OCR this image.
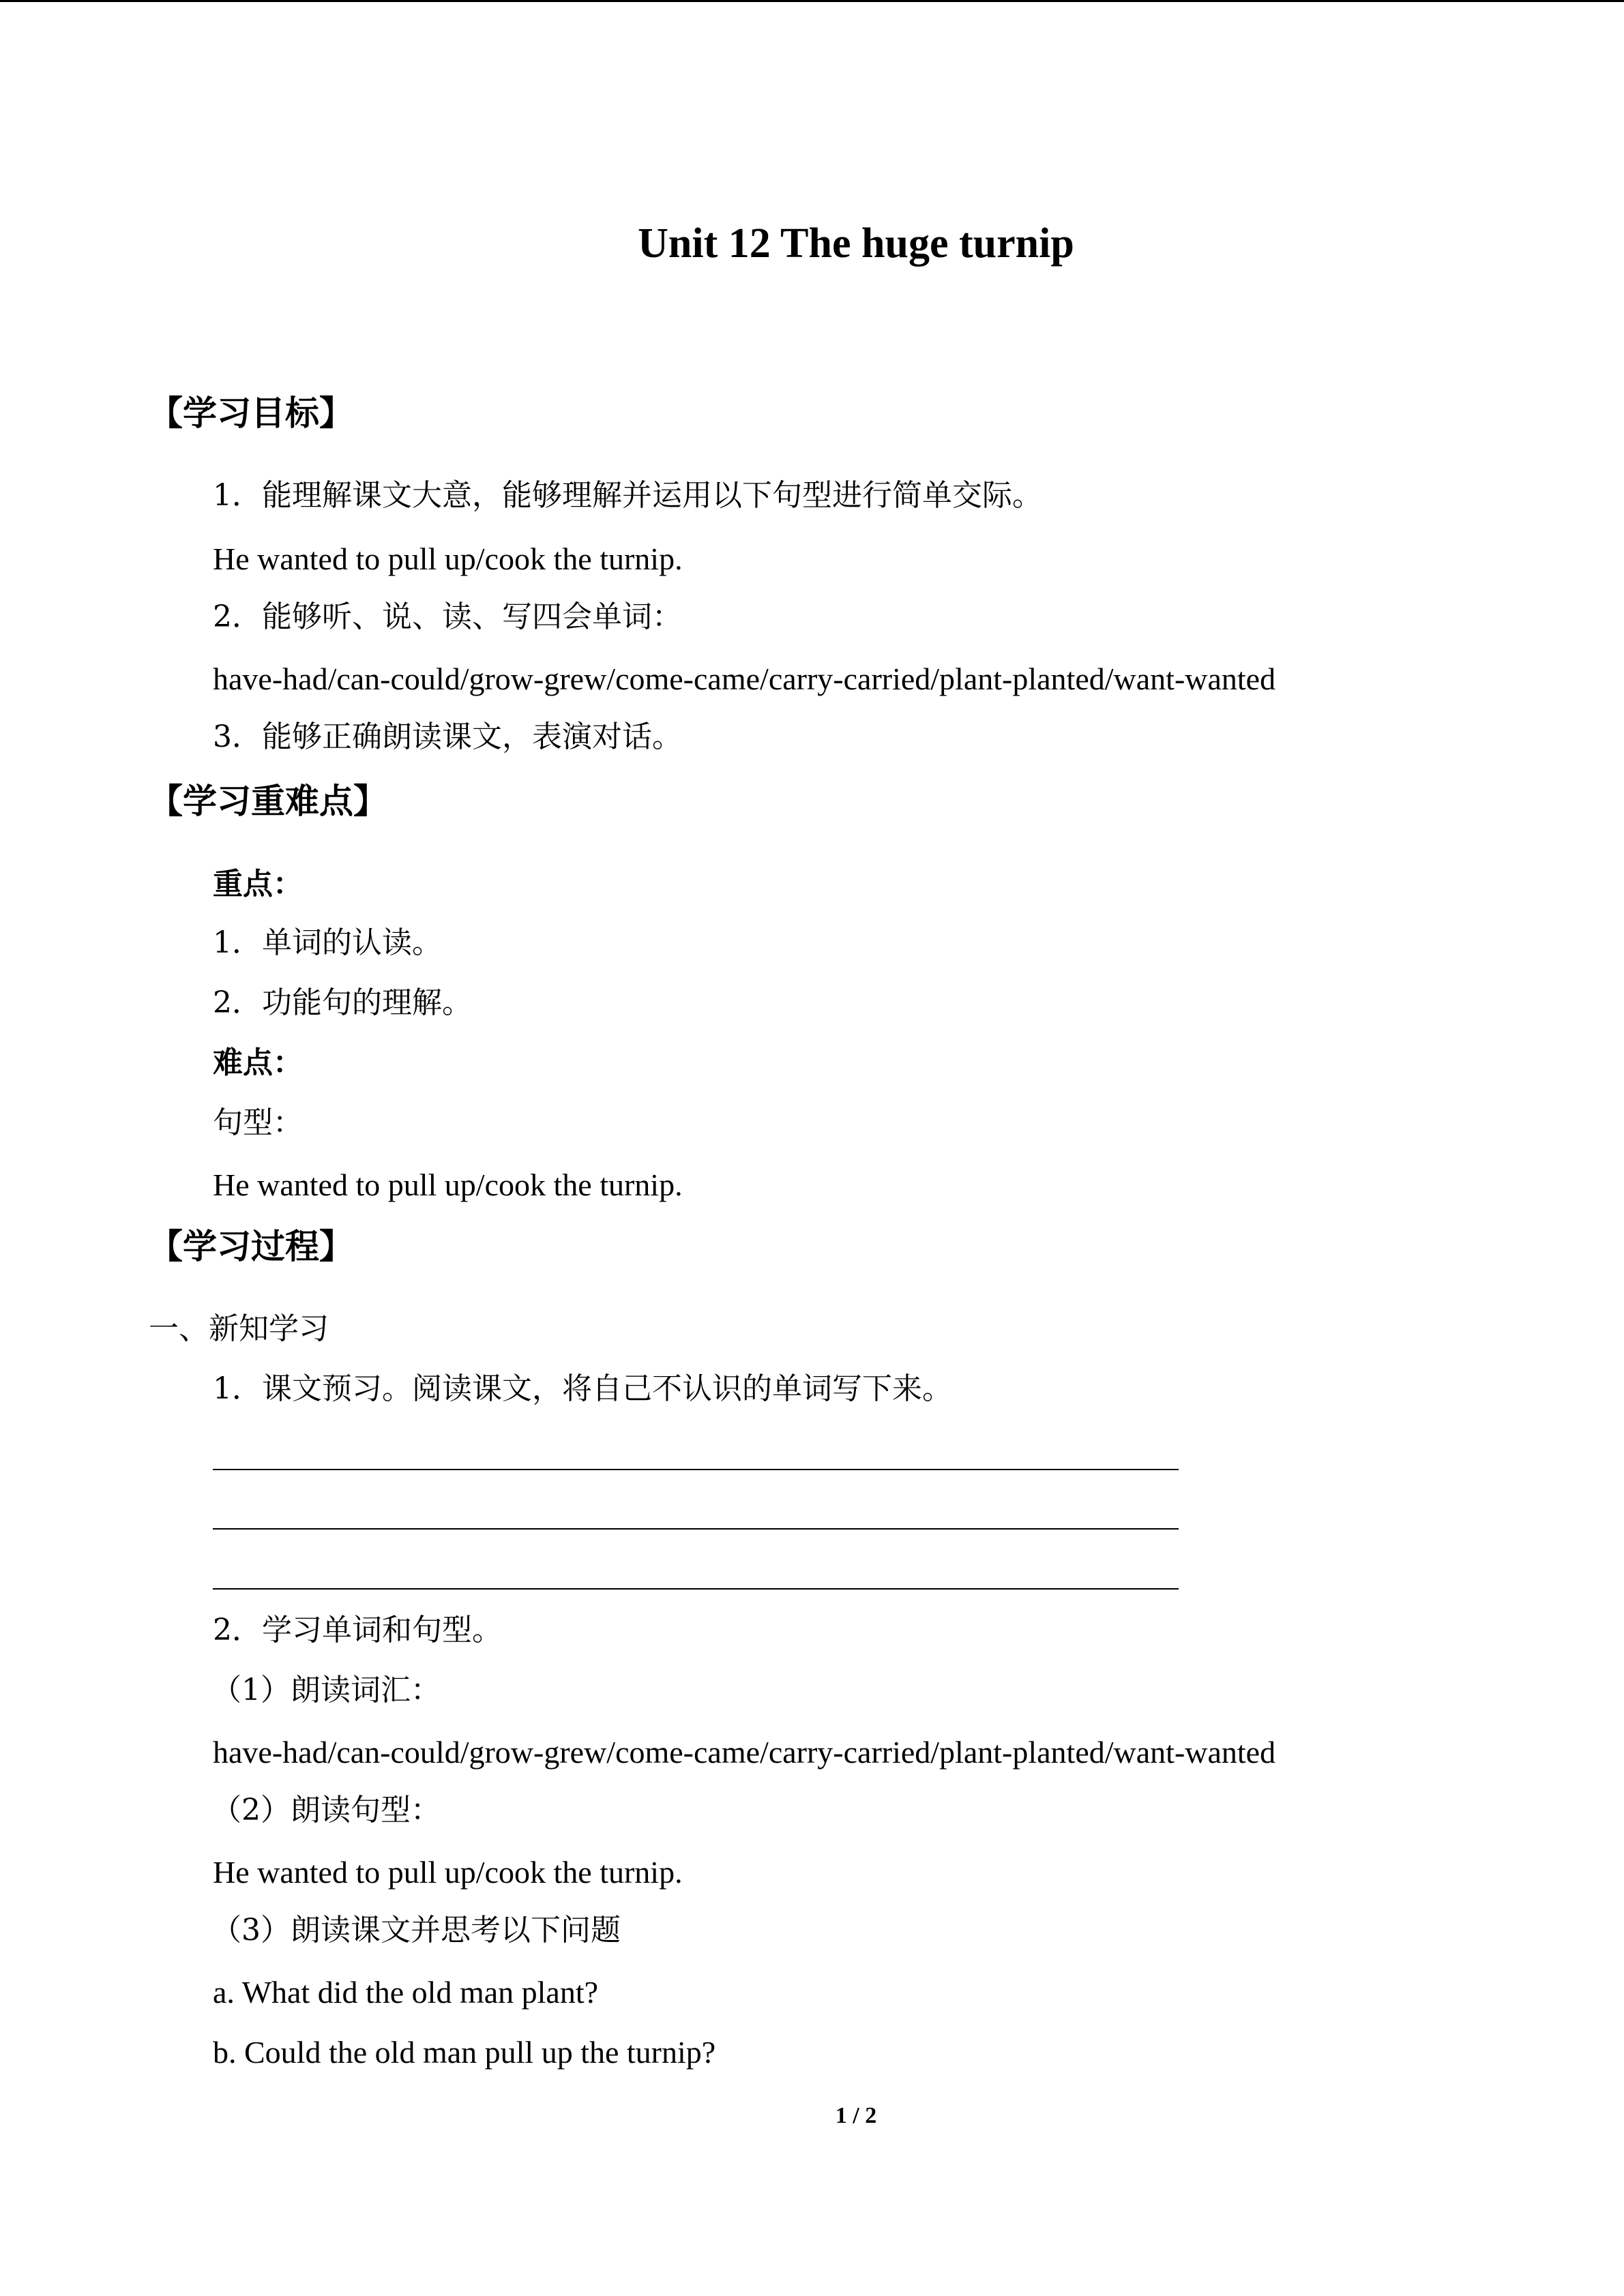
Unit 12 The huge turnip
【学习目标】
1．能理解课文大意，能够理解并运用以下句型进行简单交际。
He wanted to pull up/cook the turnip.
2．能够听、说、读、写四会单词：
have-had/can-could/grow-grew/come-came/carry-carried/plant-planted/want-wanted
3．能够正确朗读课文，表演对话。
【学习重难点】
重点：
1．单词的认读。
2．功能句的理解。
难点：
句型：
He wanted to pull up/cook the turnip.
【学习过程】
一、新知学习
1．课文预习。阅读课文，将自己不认识的单词写下来。
2．学习单词和句型。
（1）朗读词汇：
have-had/can-could/grow-grew/come-came/carry-carried/plant-planted/want-wanted
（2）朗读句型：
He wanted to pull up/cook the turnip.
（3）朗读课文并思考以下问题
a. What did the old man plant?
b. Could the old man pull up the turnip?
1 / 2
